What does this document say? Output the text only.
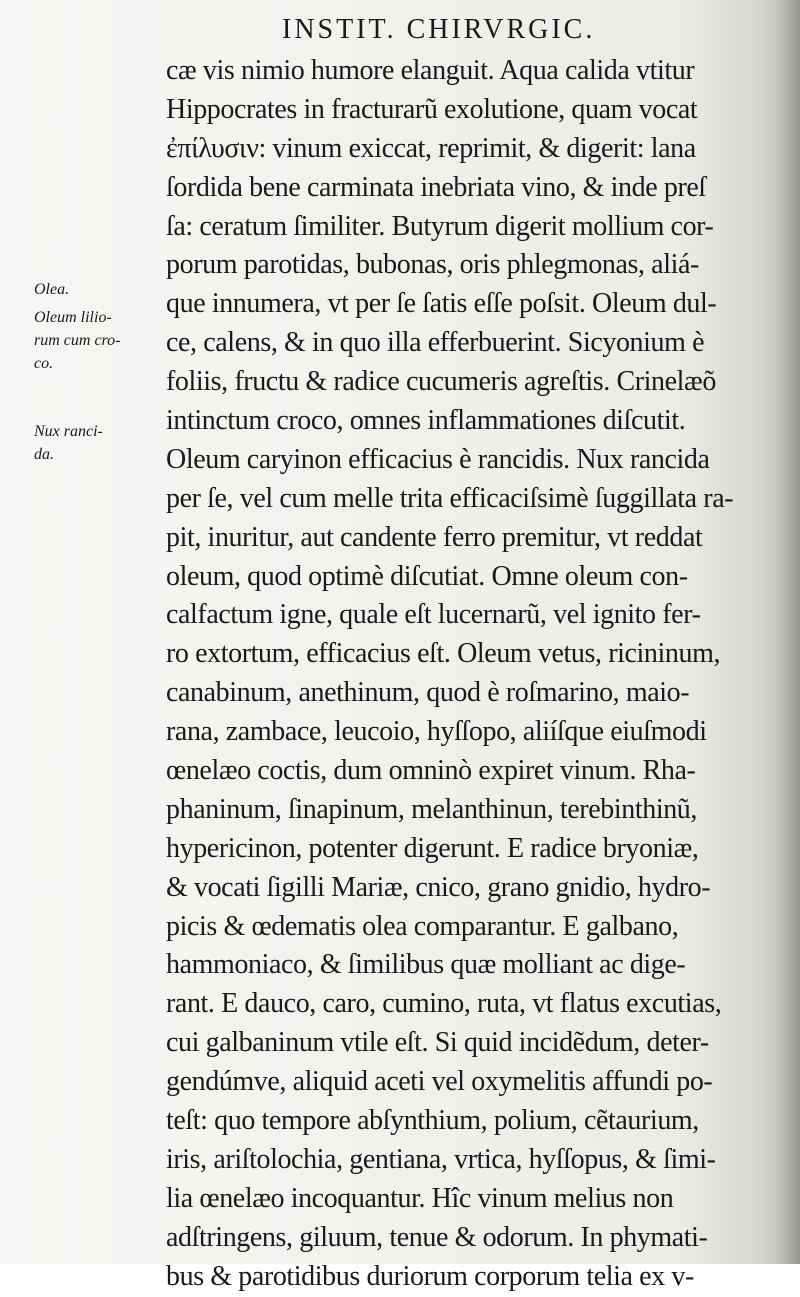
INSTIT. CHIRVRGIC.
Olea.
Oleum lilio-
rum cum cro-
co.
Nux ranci-
da.
cæ vis nimio humore elanguit. Aqua calida vtitur
Hippocrates in fracturarũ exolutione, quam vocat
ἐπίλυσιν: vinum exiccat, reprimit, & digerit: lana
ſordida bene carminata inebriata vino, & inde preſ
ſa: ceratum ſimiliter. Butyrum digerit mollium cor-
porum parotidas, bubonas, oris phlegmonas, aliá-
que innumera, vt per ſe ſatis eſſe poſsit. Oleum dul-
ce, calens, & in quo illa efferbuerint. Sicyonium è
foliis, fructu & radice cucumeris agreſtis. Crinelæõ
intinctum croco, omnes inflammationes diſcutit.
Oleum caryinon efficacius è rancidis. Nux rancida
per ſe, vel cum melle trita efficaciſsimè ſuggillata ra-
pit, inuritur, aut candente ferro premitur, vt reddat
oleum, quod optimè diſcutiat. Omne oleum con-
calfactum igne, quale eſt lucernarũ, vel ignito fer-
ro extortum, efficacius eſt. Oleum vetus, ricininum,
canabinum, anethinum, quod è roſmarino, maio-
rana, zambace, leucoio, hyſſopo, aliíſque eiuſmodi
œnelæo coctis, dum omninò expiret vinum. Rha-
phaninum, ſinapinum, melanthinun, terebinthinũ,
hypericinon, potenter digerunt. E radice bryoniæ,
& vocati ſigilli Mariæ, cnico, grano gnidio, hydro-
picis & œdematis olea comparantur. E galbano,
hammoniaco, & ſimilibus quæ molliant ac dige-
rant. E dauco, caro, cumino, ruta, vt flatus excutias,
cui galbaninum vtile eſt. Si quid incidẽdum, deter-
gendúmve, aliquid aceti vel oxymelitis affundi po-
teſt: quo tempore abſynthium, polium, cẽtaurium,
iris, ariſtolochia, gentiana, vrtica, hyſſopus, & ſimi-
lia œnelæo incoquantur. Hîc vinum melius non
adſtringens, giluum, tenue & odorum. In phymati-
bus & parotidibus duriorum corporum telia ex v-
